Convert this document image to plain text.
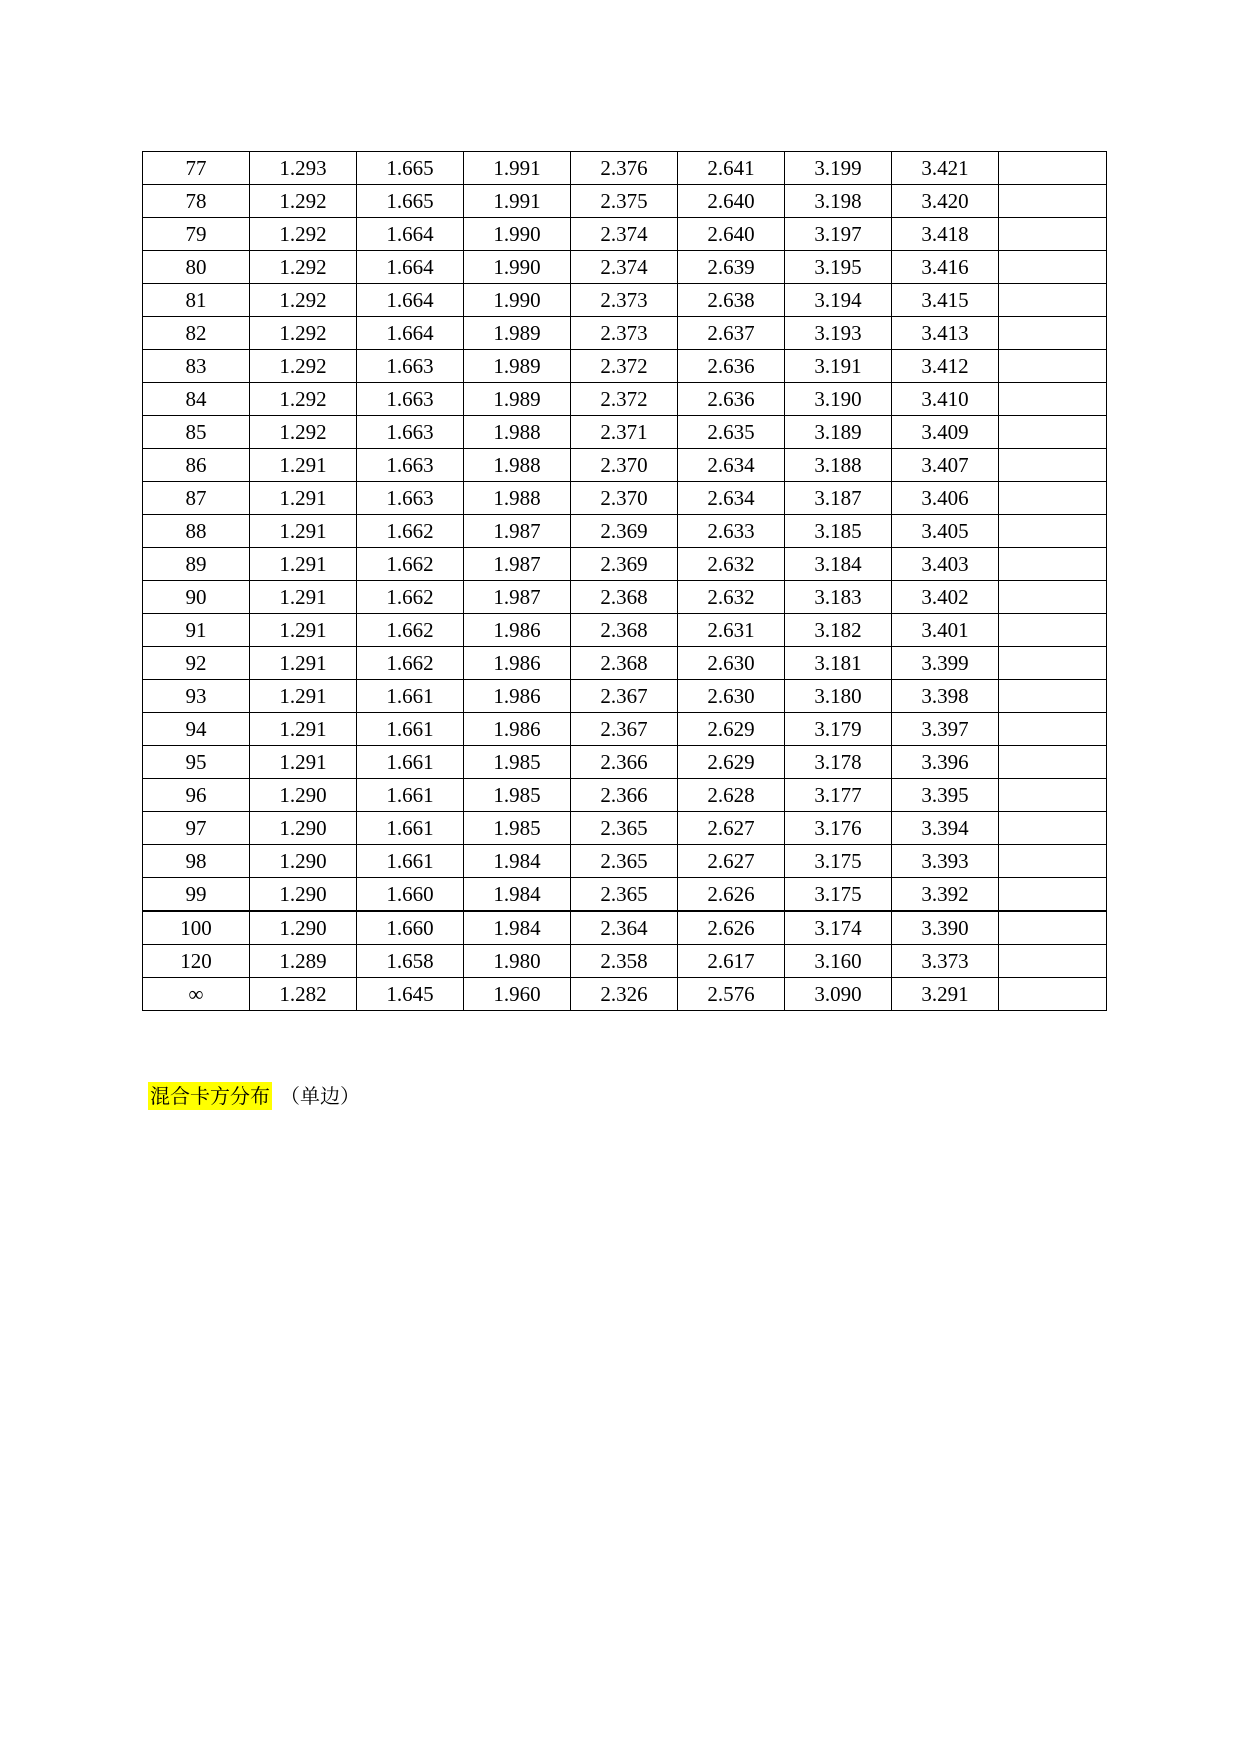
77	1.293	1.665	1.991	2.376	2.641	3.199	3.421	
78	1.292	1.665	1.991	2.375	2.640	3.198	3.420	
79	1.292	1.664	1.990	2.374	2.640	3.197	3.418	
80	1.292	1.664	1.990	2.374	2.639	3.195	3.416	
81	1.292	1.664	1.990	2.373	2.638	3.194	3.415	
82	1.292	1.664	1.989	2.373	2.637	3.193	3.413	
83	1.292	1.663	1.989	2.372	2.636	3.191	3.412	
84	1.292	1.663	1.989	2.372	2.636	3.190	3.410	
85	1.292	1.663	1.988	2.371	2.635	3.189	3.409	
86	1.291	1.663	1.988	2.370	2.634	3.188	3.407	
87	1.291	1.663	1.988	2.370	2.634	3.187	3.406	
88	1.291	1.662	1.987	2.369	2.633	3.185	3.405	
89	1.291	1.662	1.987	2.369	2.632	3.184	3.403	
90	1.291	1.662	1.987	2.368	2.632	3.183	3.402	
91	1.291	1.662	1.986	2.368	2.631	3.182	3.401	
92	1.291	1.662	1.986	2.368	2.630	3.181	3.399	
93	1.291	1.661	1.986	2.367	2.630	3.180	3.398	
94	1.291	1.661	1.986	2.367	2.629	3.179	3.397	
95	1.291	1.661	1.985	2.366	2.629	3.178	3.396	
96	1.290	1.661	1.985	2.366	2.628	3.177	3.395	
97	1.290	1.661	1.985	2.365	2.627	3.176	3.394	
98	1.290	1.661	1.984	2.365	2.627	3.175	3.393	
99	1.290	1.660	1.984	2.365	2.626	3.175	3.392	
100	1.290	1.660	1.984	2.364	2.626	3.174	3.390	
120	1.289	1.658	1.980	2.358	2.617	3.160	3.373	
∞	1.282	1.645	1.960	2.326	2.576	3.090	3.291	
混合卡方分布 （单边）
